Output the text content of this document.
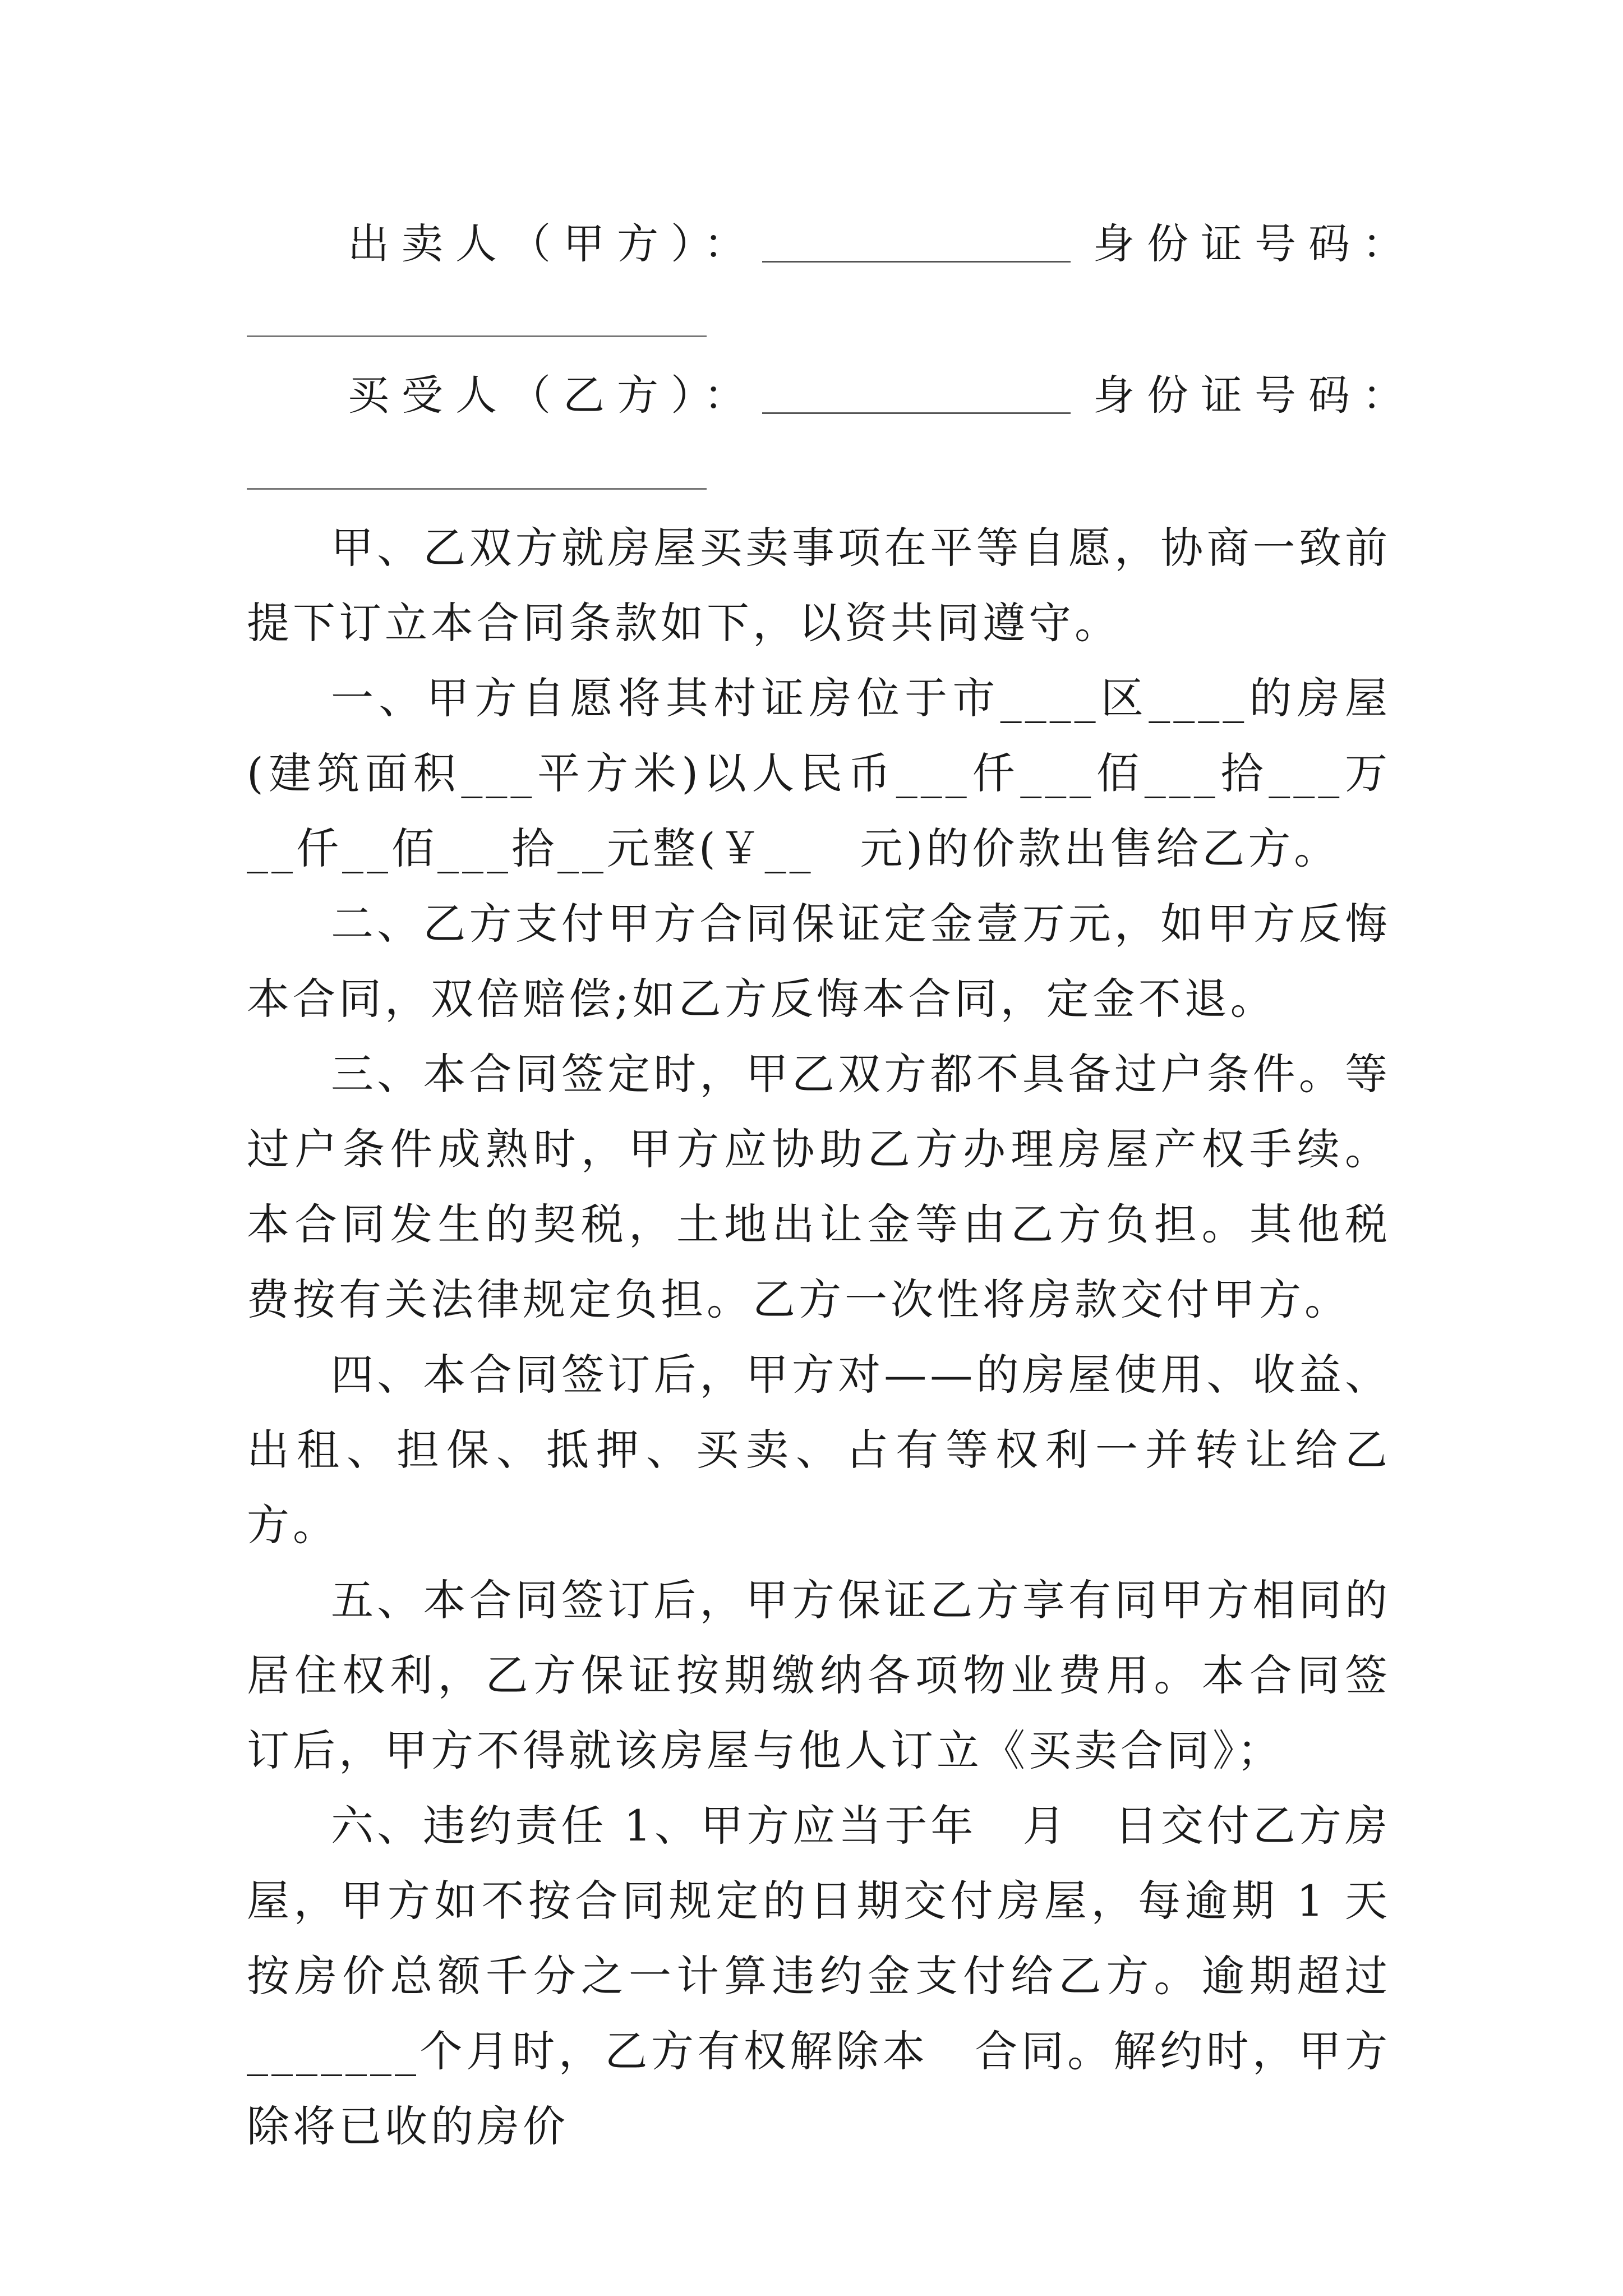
出卖人（甲方）：	身份证号码：
买受人（乙方）：	身份证号码：

甲、乙双方就房屋买卖事项在平等自愿，协商一致前提下订立本合同条款如下，以资共同遵守。

一、甲方自愿将其村证房位于市____区____的房屋(建筑面积___平方米)以人民币___仟___佰___拾___万__仟__佰___拾__元整(￥__　元)的价款出售给乙方。

二、乙方支付甲方合同保证定金壹万元，如甲方反悔本合同，双倍赔偿;如乙方反悔本合同，定金不退。

三、本合同签定时，甲乙双方都不具备过户条件。等过户条件成熟时，甲方应协助乙方办理房屋产权手续。本合同发生的契税，土地出让金等由乙方负担。其他税费按有关法律规定负担。乙方一次性将房款交付甲方。

四、本合同签订后，甲方对——的房屋使用、收益、出租、担保、抵押、买卖、占有等权利一并转让给乙方。

五、本合同签订后，甲方保证乙方享有同甲方相同的居住权利，乙方保证按期缴纳各项物业费用。本合同签订后，甲方不得就该房屋与他人订立《买卖合同》；

六、违约责任 1、甲方应当于年　月　日交付乙方房屋，甲方如不按合同规定的日期交付房屋，每逾期 1 天按房价总额千分之一计算违约金支付给乙方。逾期超过_______个月时，乙方有权解除本　合同。解约时，甲方除将已收的房价
